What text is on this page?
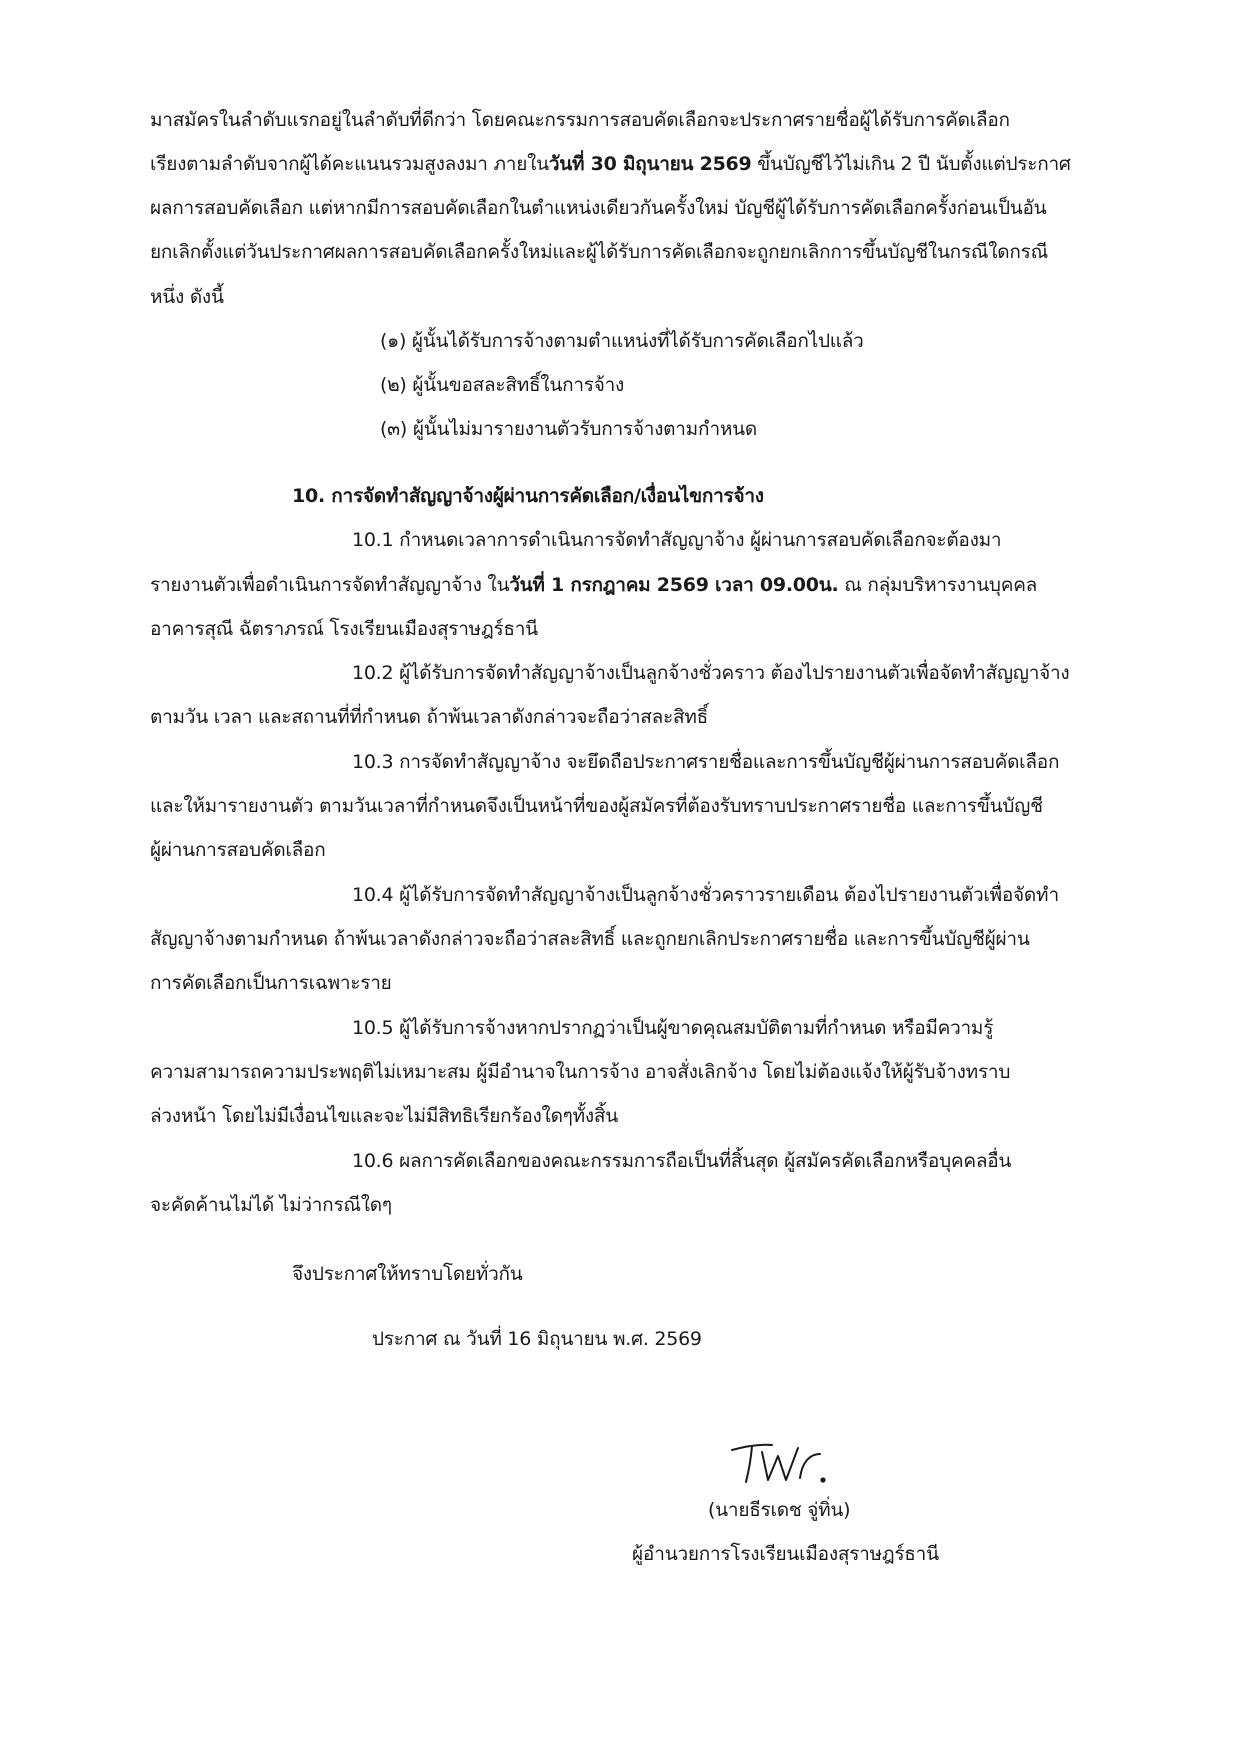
มาสมัครในลำดับแรกอยู่ในลำดับที่ดีกว่า โดยคณะกรรมการสอบคัดเลือกจะประกาศรายชื่อผู้ได้รับการคัดเลือก
เรียงตามลำดับจากผู้ได้คะแนนรวมสูงลงมา ภายในวันที่ 30 มิถุนายน 2569 ขึ้นบัญชีไว้ไม่เกิน 2 ปี นับตั้งแต่ประกาศ
ผลการสอบคัดเลือก แต่หากมีการสอบคัดเลือกในตำแหน่งเดียวกันครั้งใหม่ บัญชีผู้ได้รับการคัดเลือกครั้งก่อนเป็นอัน
ยกเลิกตั้งแต่วันประกาศผลการสอบคัดเลือกครั้งใหม่และผู้ได้รับการคัดเลือกจะถูกยกเลิกการขึ้นบัญชีในกรณีใดกรณี
หนึ่ง ดังนี้
(๑) ผู้นั้นได้รับการจ้างตามตำแหน่งที่ได้รับการคัดเลือกไปแล้ว
(๒) ผู้นั้นขอสละสิทธิ์ในการจ้าง
(๓) ผู้นั้นไม่มารายงานตัวรับการจ้างตามกำหนด
10. การจัดทำสัญญาจ้างผู้ผ่านการคัดเลือก/เงื่อนไขการจ้าง
10.1 กำหนดเวลาการดำเนินการจัดทำสัญญาจ้าง ผู้ผ่านการสอบคัดเลือกจะต้องมา
รายงานตัวเพื่อดำเนินการจัดทำสัญญาจ้าง ในวันที่ 1 กรกฎาคม 2569 เวลา 09.00น. ณ กลุ่มบริหารงานบุคคล
อาคารสุณี ฉัตราภรณ์ โรงเรียนเมืองสุราษฎร์ธานี
10.2 ผู้ได้รับการจัดทำสัญญาจ้างเป็นลูกจ้างชั่วคราว ต้องไปรายงานตัวเพื่อจัดทำสัญญาจ้าง
ตามวัน เวลา และสถานที่ที่กำหนด ถ้าพ้นเวลาดังกล่าวจะถือว่าสละสิทธิ์
10.3 การจัดทำสัญญาจ้าง จะยึดถือประกาศรายชื่อและการขึ้นบัญชีผู้ผ่านการสอบคัดเลือก
และให้มารายงานตัว ตามวันเวลาที่กำหนดจึงเป็นหน้าที่ของผู้สมัครที่ต้องรับทราบประกาศรายชื่อ และการขึ้นบัญชี
ผู้ผ่านการสอบคัดเลือก
10.4 ผู้ได้รับการจัดทำสัญญาจ้างเป็นลูกจ้างชั่วคราวรายเดือน ต้องไปรายงานตัวเพื่อจัดทำ
สัญญาจ้างตามกำหนด ถ้าพ้นเวลาดังกล่าวจะถือว่าสละสิทธิ์ และถูกยกเลิกประกาศรายชื่อ และการขึ้นบัญชีผู้ผ่าน
การคัดเลือกเป็นการเฉพาะราย
10.5 ผู้ได้รับการจ้างหากปรากฏว่าเป็นผู้ขาดคุณสมบัติตามที่กำหนด หรือมีความรู้
ความสามารถความประพฤติไม่เหมาะสม ผู้มีอำนาจในการจ้าง อาจสั่งเลิกจ้าง โดยไม่ต้องแจ้งให้ผู้รับจ้างทราบ
ล่วงหน้า โดยไม่มีเงื่อนไขและจะไม่มีสิทธิเรียกร้องใดๆทั้งสิ้น
10.6 ผลการคัดเลือกของคณะกรรมการถือเป็นที่สิ้นสุด ผู้สมัครคัดเลือกหรือบุคคลอื่น
จะคัดค้านไม่ได้ ไม่ว่ากรณีใดๆ
จึงประกาศให้ทราบโดยทั่วกัน
ประกาศ ณ วันที่ 16 มิถุนายน พ.ศ. 2569
(นายธีรเดช จู่ทิ่น)
ผู้อำนวยการโรงเรียนเมืองสุราษฎร์ธานี
